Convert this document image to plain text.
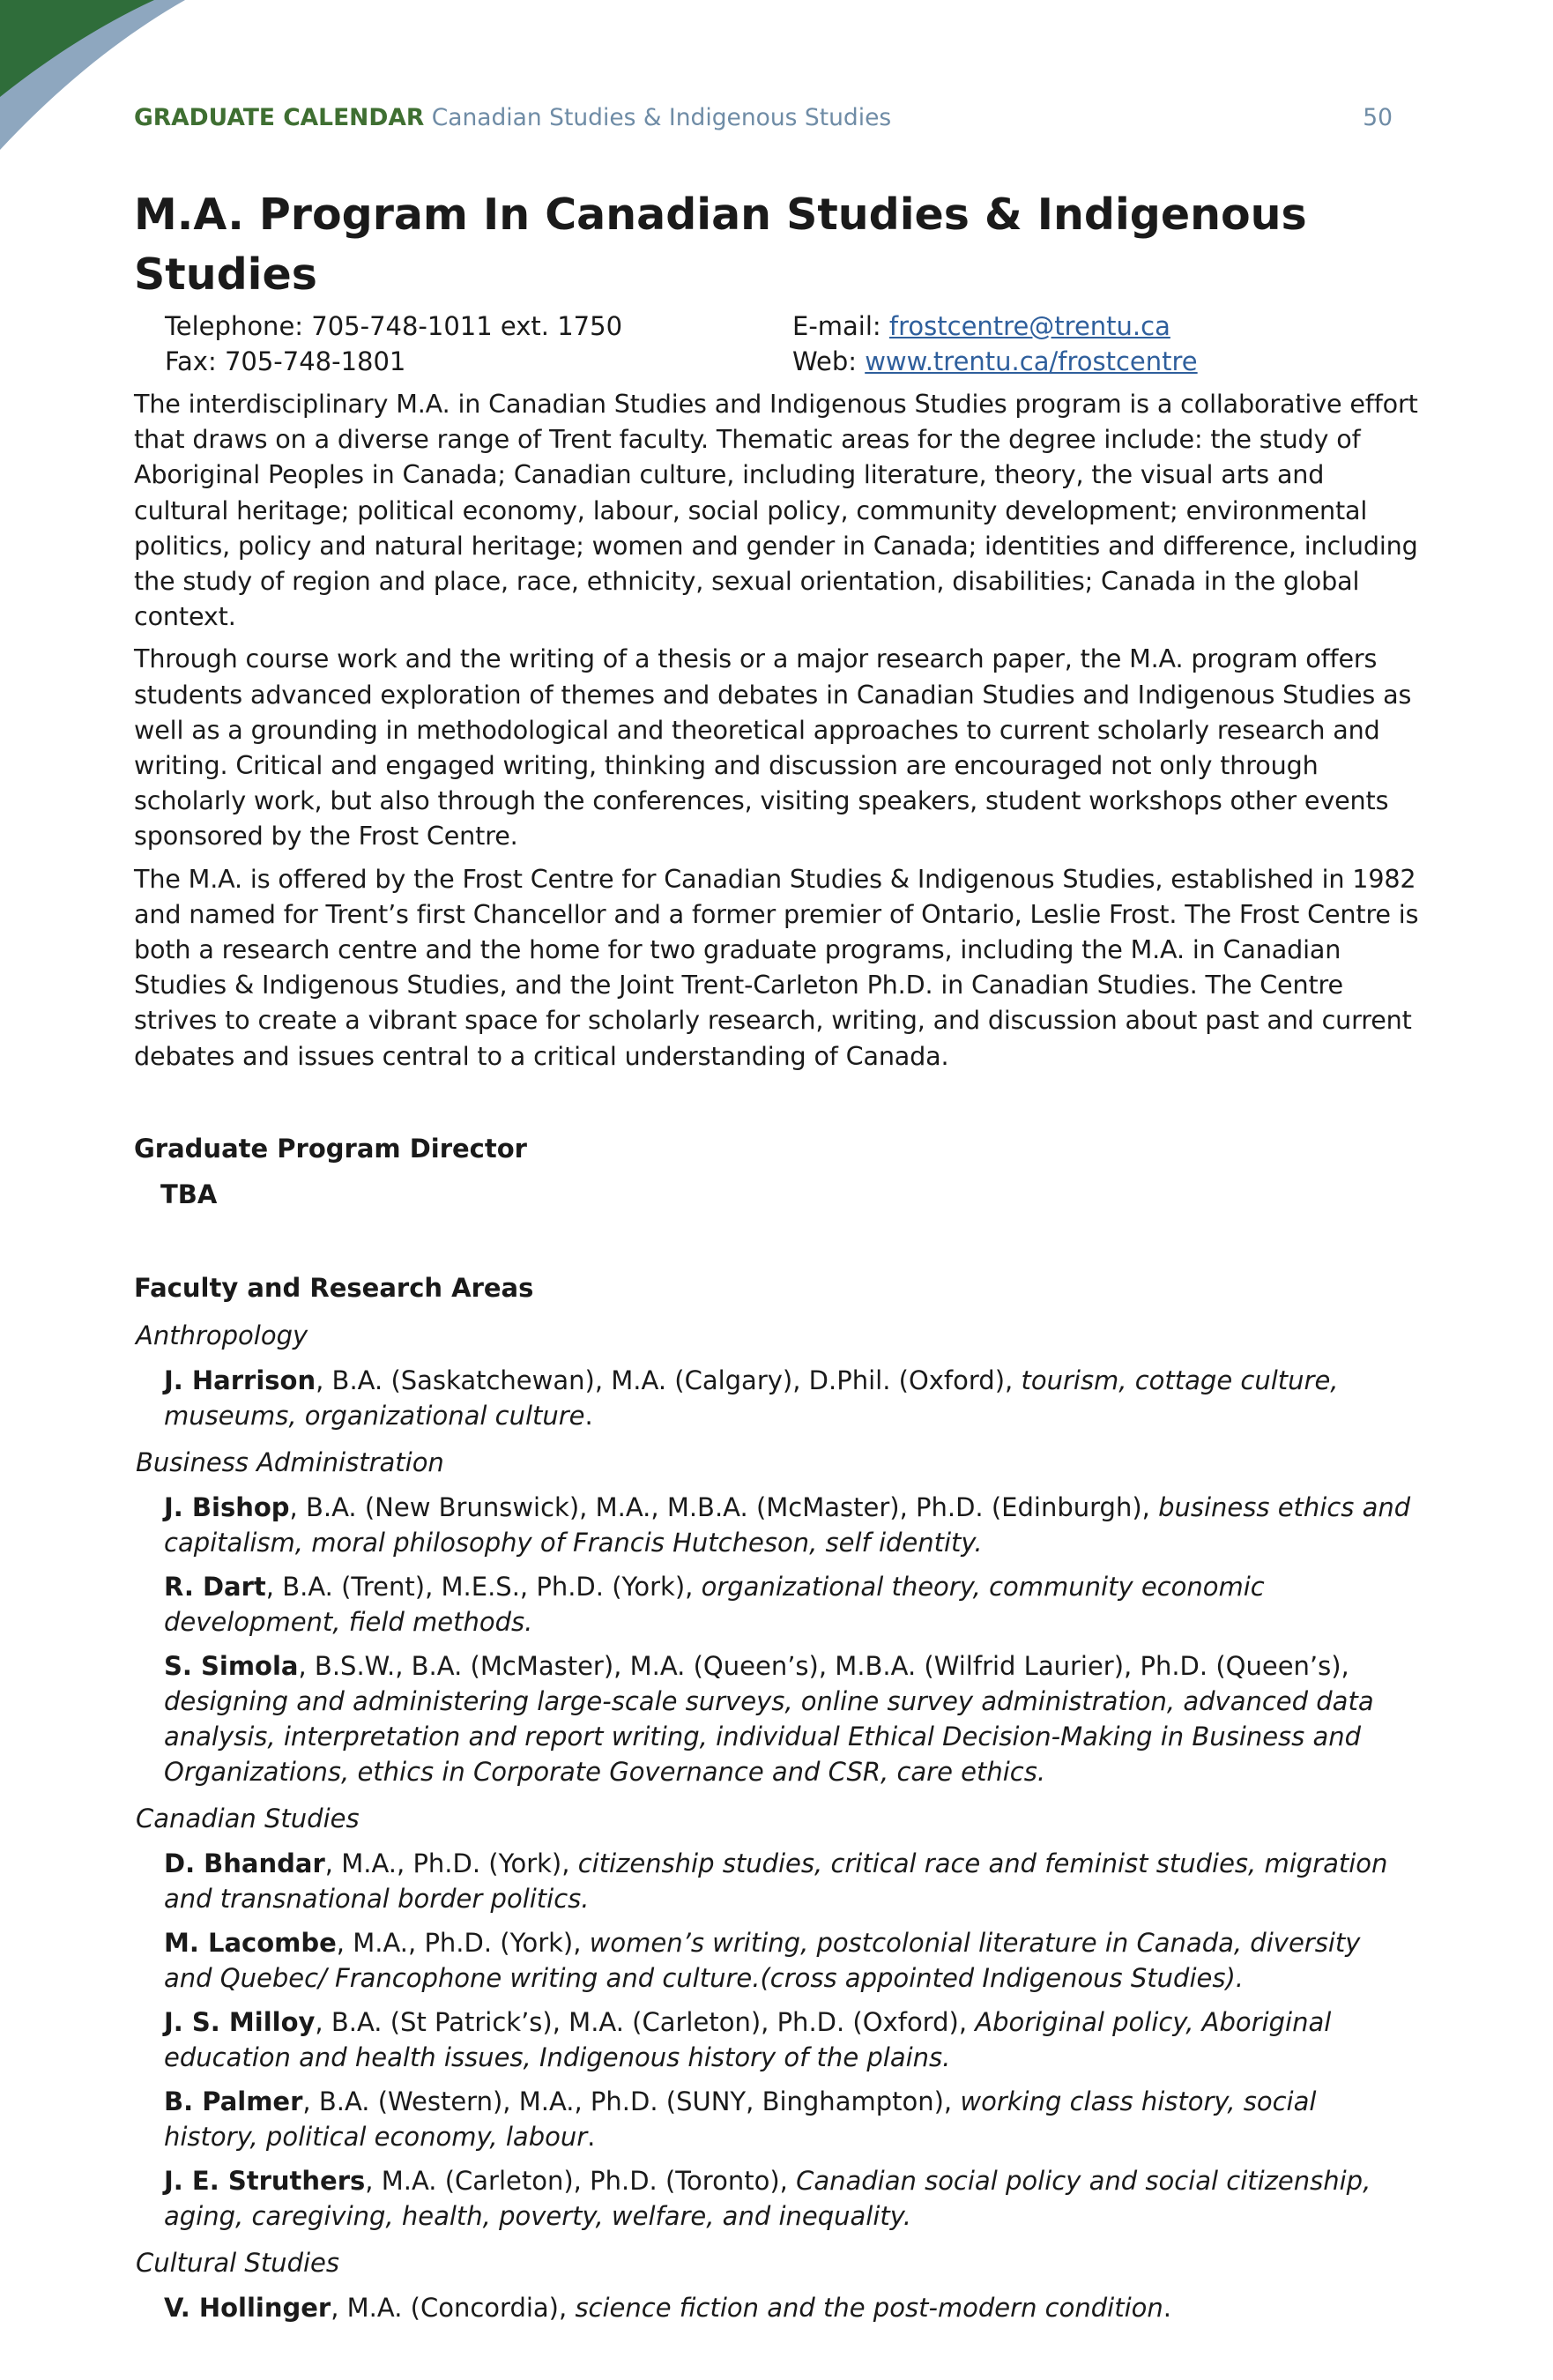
GRADUATE CALENDAR Canadian Studies & Indigenous Studies	50
M.A. Program In Canadian Studies & Indigenous Studies
Telephone: 705-748-1011 ext. 1750
Fax: 705-748-1801
E-mail: frostcentre@trentu.ca
Web: www.trentu.ca/frostcentre

The interdisciplinary M.A. in Canadian Studies and Indigenous Studies program is a collaborative effort that draws on a diverse range of Trent faculty. Thematic areas for the degree include: the study of Aboriginal Peoples in Canada; Canadian culture, including literature, theory, the visual arts and cultural heritage; political economy, labour, social policy, community development; environmental politics, policy and natural heritage; women and gender in Canada; identities and difference, including the study of region and place, race, ethnicity, sexual orientation, disabilities; Canada in the global context.

Through course work and the writing of a thesis or a major research paper, the M.A. program offers students advanced exploration of themes and debates in Canadian Studies and Indigenous Studies as well as a grounding in methodological and theoretical approaches to current scholarly research and writing. Critical and engaged writing, thinking and discussion are encouraged not only through scholarly work, but also through the conferences, visiting speakers, student workshops other events sponsored by the Frost Centre.

The M.A. is offered by the Frost Centre for Canadian Studies & Indigenous Studies, established in 1982 and named for Trent’s first Chancellor and a former premier of Ontario, Leslie Frost. The Frost Centre is both a research centre and the home for two graduate programs, including the M.A. in Canadian Studies & Indigenous Studies, and the Joint Trent-Carleton Ph.D. in Canadian Studies. The Centre strives to create a vibrant space for scholarly research, writing, and discussion about past and current debates and issues central to a critical understanding of Canada.

Graduate Program Director
TBA
Faculty and Research Areas
Anthropology
J. Harrison, B.A. (Saskatchewan), M.A. (Calgary), D.Phil. (Oxford), tourism, cottage culture, museums, organizational culture.
Business Administration
J. Bishop, B.A. (New Brunswick), M.A., M.B.A. (McMaster), Ph.D. (Edinburgh), business ethics and capitalism, moral philosophy of Francis Hutcheson, self identity.
R. Dart, B.A. (Trent), M.E.S., Ph.D. (York), organizational theory, community economic development, field methods.
S. Simola, B.S.W., B.A. (McMaster), M.A. (Queen’s), M.B.A. (Wilfrid Laurier), Ph.D. (Queen’s), designing and administering large-scale surveys, online survey administration, advanced data analysis, interpretation and report writing, individual Ethical Decision-Making in Business and Organizations, ethics in Corporate Governance and CSR, care ethics.
Canadian Studies
D. Bhandar, M.A., Ph.D. (York), citizenship studies, critical race and feminist studies, migration and transnational border politics.
M. Lacombe, M.A., Ph.D. (York), women’s writing, postcolonial literature in Canada, diversity and Quebec/ Francophone writing and culture.(cross appointed Indigenous Studies).
J. S. Milloy, B.A. (St Patrick’s), M.A. (Carleton), Ph.D. (Oxford), Aboriginal policy, Aboriginal education and health issues, Indigenous history of the plains.
B. Palmer, B.A. (Western), M.A., Ph.D. (SUNY, Binghampton), working class history, social history, political economy, labour.
J. E. Struthers, M.A. (Carleton), Ph.D. (Toronto), Canadian social policy and social citizenship, aging, caregiving, health, poverty, welfare, and inequality.
Cultural Studies
V. Hollinger, M.A. (Concordia), science fiction and the post-modern condition.
